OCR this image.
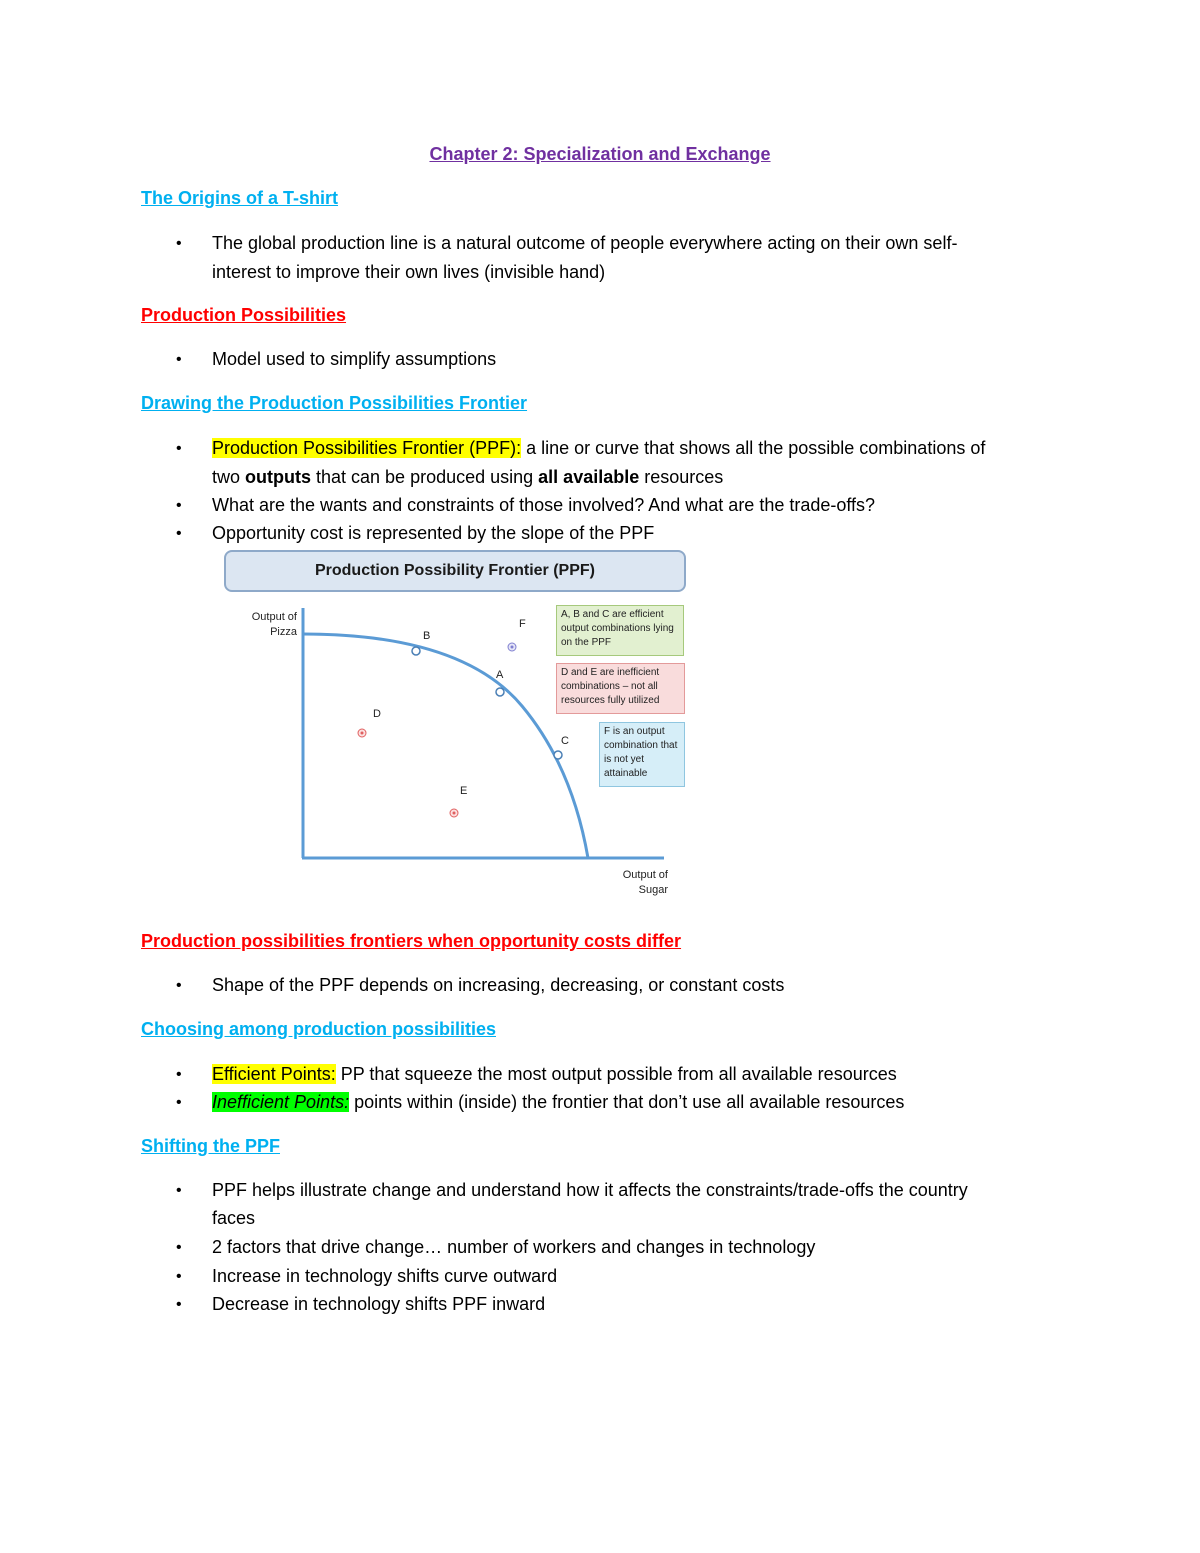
Chapter 2: Specialization and Exchange
The Origins of a T-shirt
• The global production line is a natural outcome of people everywhere acting on their own self-
interest to improve their own lives (invisible hand)
Production Possibilities
• Model used to simplify assumptions
Drawing the Production Possibilities Frontier
• Production Possibilities Frontier (PPF): a line or curve that shows all the possible combinations of
two outputs that can be produced using all available resources
• What are the wants and constraints of those involved? And what are the trade-offs?
• Opportunity cost is represented by the slope of the PPF
Production Possibility Frontier (PPF)
Output of
Pizza
Output of
Sugar
B
A
C
D
E
F
A, B and C are efficient output combinations lying on the PPF
D and E are inefficient combinations – not all resources fully utilized
F is an output combination that is not yet attainable
Production possibilities frontiers when opportunity costs differ
• Shape of the PPF depends on increasing, decreasing, or constant costs
Choosing among production possibilities
• Efficient Points: PP that squeeze the most output possible from all available resources
• Inefficient Points: points within (inside) the frontier that don’t use all available resources
Shifting the PPF
• PPF helps illustrate change and understand how it affects the constraints/trade-offs the country
faces
• 2 factors that drive change… number of workers and changes in technology
• Increase in technology shifts curve outward
• Decrease in technology shifts PPF inward
